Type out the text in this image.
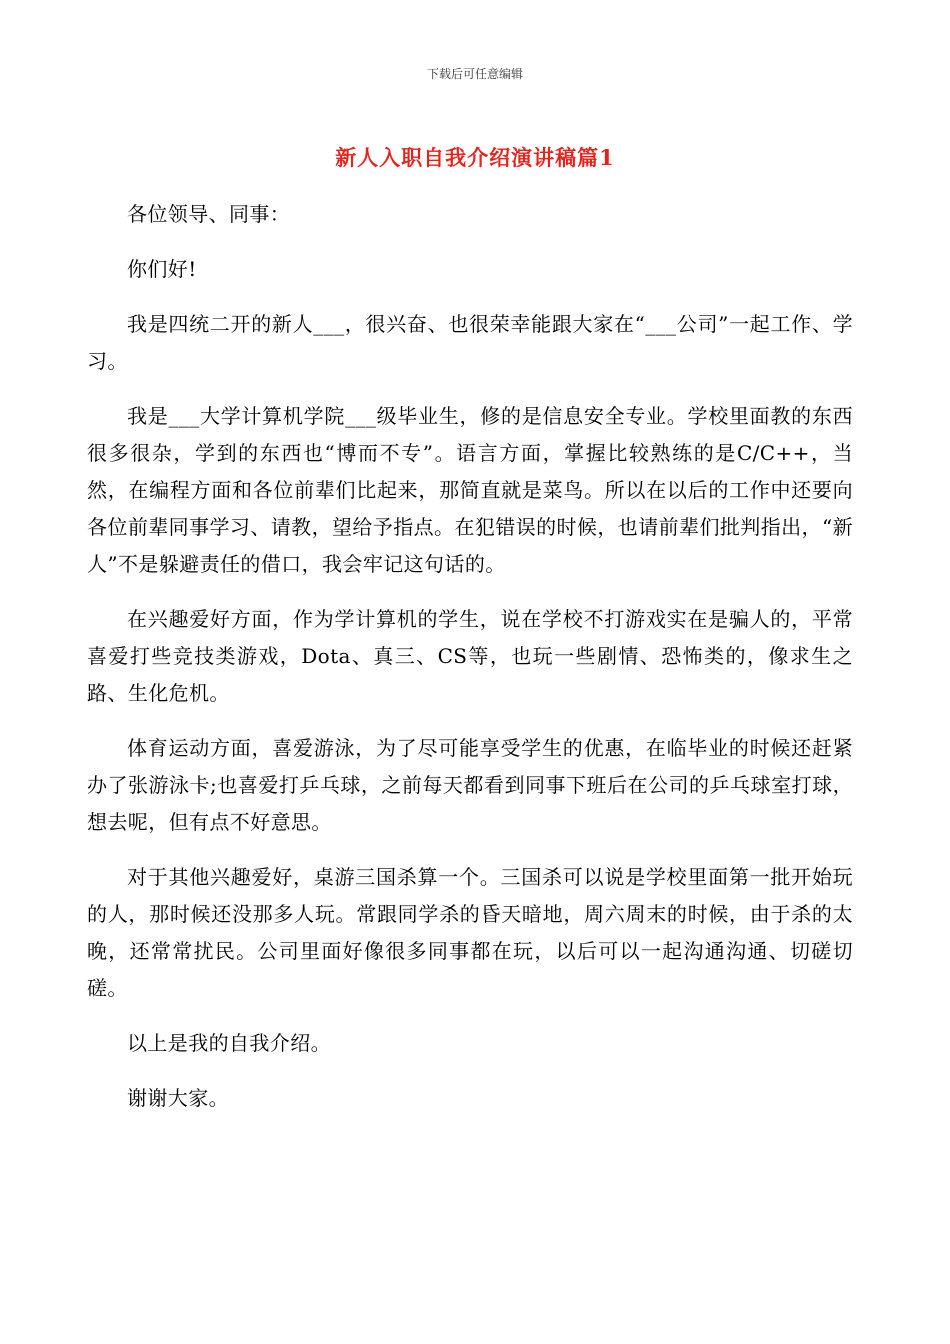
下载后可任意编辑
新人入职自我介绍演讲稿篇1

各位领导、同事：

你们好!

我是四统二开的新人___，很兴奋、也很荣幸能跟大家在“___公司”一起工作、学习。

我是___大学计算机学院___级毕业生，修的是信息安全专业。学校里面教的东西很多很杂，学到的东西也“博而不专”。语言方面，掌握比较熟练的是C/C++，当然，在编程方面和各位前辈们比起来，那简直就是菜鸟。所以在以后的工作中还要向各位前辈同事学习、请教，望给予指点。在犯错误的时候，也请前辈们批判指出，“新人”不是躲避责任的借口，我会牢记这句话的。

在兴趣爱好方面，作为学计算机的学生，说在学校不打游戏实在是骗人的，平常喜爱打些竞技类游戏，Dota、真三、CS等，也玩一些剧情、恐怖类的，像求生之路、生化危机。

体育运动方面，喜爱游泳，为了尽可能享受学生的优惠，在临毕业的时候还赶紧办了张游泳卡;也喜爱打乒乓球，之前每天都看到同事下班后在公司的乒乓球室打球，想去呢，但有点不好意思。

对于其他兴趣爱好，桌游三国杀算一个。三国杀可以说是学校里面第一批开始玩的人，那时候还没那多人玩。常跟同学杀的昏天暗地，周六周末的时候，由于杀的太晚，还常常扰民。公司里面好像很多同事都在玩，以后可以一起沟通沟通、切磋切磋。

以上是我的自我介绍。

谢谢大家。
